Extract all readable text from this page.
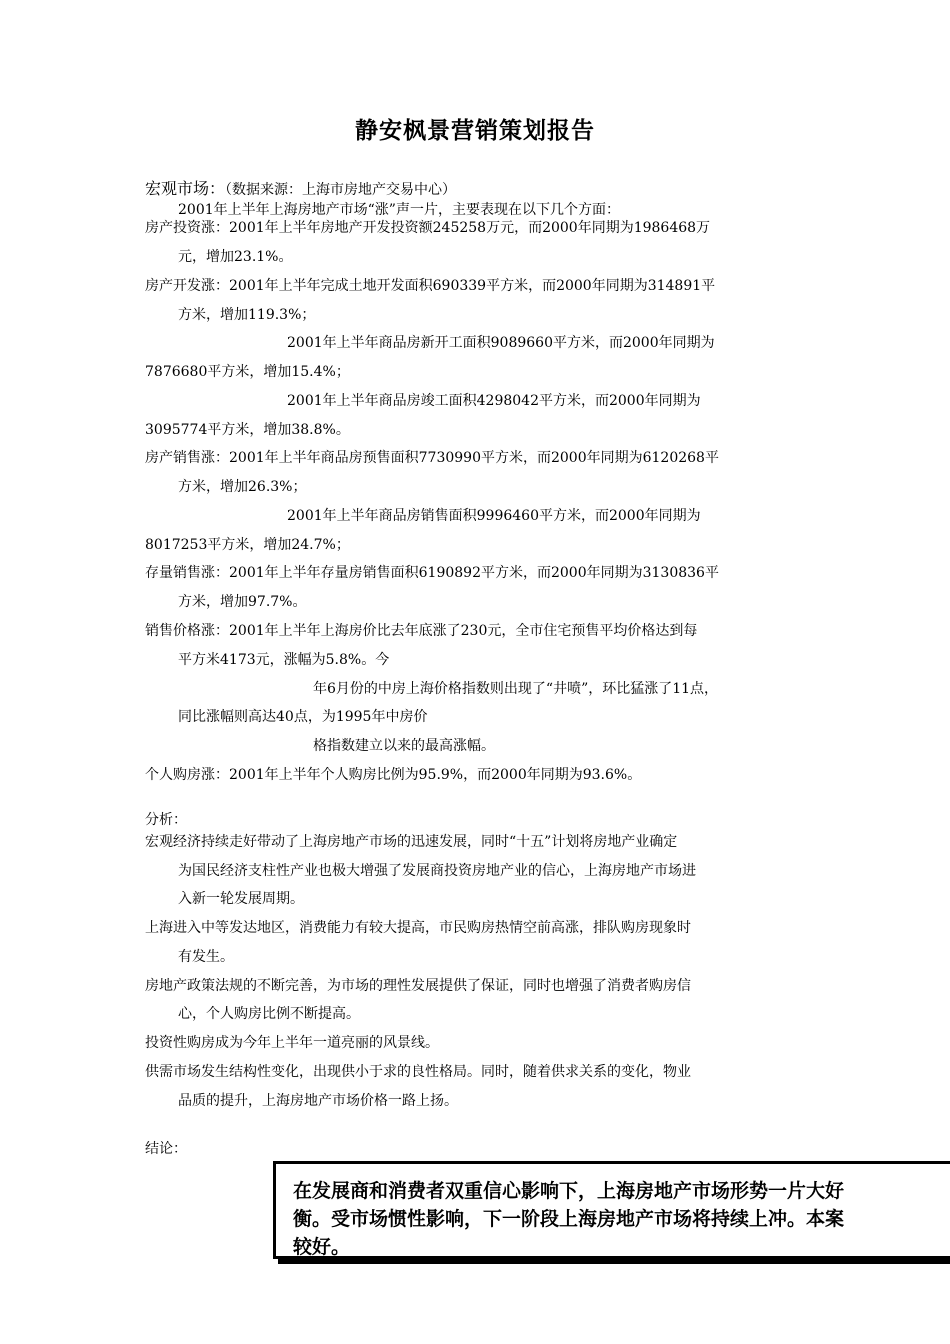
静安枫景营销策划报告
宏观市场：（数据来源：上海市房地产交易中心）
2001年上半年上海房地产市场“涨”声一片，主要表现在以下几个方面：
房产投资涨：2001年上半年房地产开发投资额245258万元，而2000年同期为1986468万
元，增加23.1%。
房产开发涨：2001年上半年完成土地开发面积690339平方米，而2000年同期为314891平
方米，增加119.3%；
2001年上半年商品房新开工面积9089660平方米，而2000年同期为
7876680平方米，增加15.4%；
2001年上半年商品房竣工面积4298042平方米，而2000年同期为
3095774平方米，增加38.8%。
房产销售涨：2001年上半年商品房预售面积7730990平方米，而2000年同期为6120268平
方米，增加26.3%；
2001年上半年商品房销售面积9996460平方米，而2000年同期为
8017253平方米，增加24.7%；
存量销售涨：2001年上半年存量房销售面积6190892平方米，而2000年同期为3130836平
方米，增加97.7%。
销售价格涨：2001年上半年上海房价比去年底涨了230元，全市住宅预售平均价格达到每
平方米4173元，涨幅为5.8%。今
年6月份的中房上海价格指数则出现了“井喷”，环比猛涨了11点，
同比涨幅则高达40点，为1995年中房价
格指数建立以来的最高涨幅。
个人购房涨：2001年上半年个人购房比例为95.9%，而2000年同期为93.6%。
分析：
宏观经济持续走好带动了上海房地产市场的迅速发展，同时“十五”计划将房地产业确定
为国民经济支柱性产业也极大增强了发展商投资房地产业的信心，上海房地产市场进
入新一轮发展周期。
上海进入中等发达地区，消费能力有较大提高，市民购房热情空前高涨，排队购房现象时
有发生。
房地产政策法规的不断完善，为市场的理性发展提供了保证，同时也增强了消费者购房信
心，个人购房比例不断提高。
投资性购房成为今年上半年一道亮丽的风景线。
供需市场发生结构性变化，出现供小于求的良性格局。同时，随着供求关系的变化，物业
品质的提升，上海房地产市场价格一路上扬。
结论：
在发展商和消费者双重信心影响下，上海房地产市场形势一片大好
衡。受市场惯性影响，下一阶段上海房地产市场将持续上冲。本案
较好。
